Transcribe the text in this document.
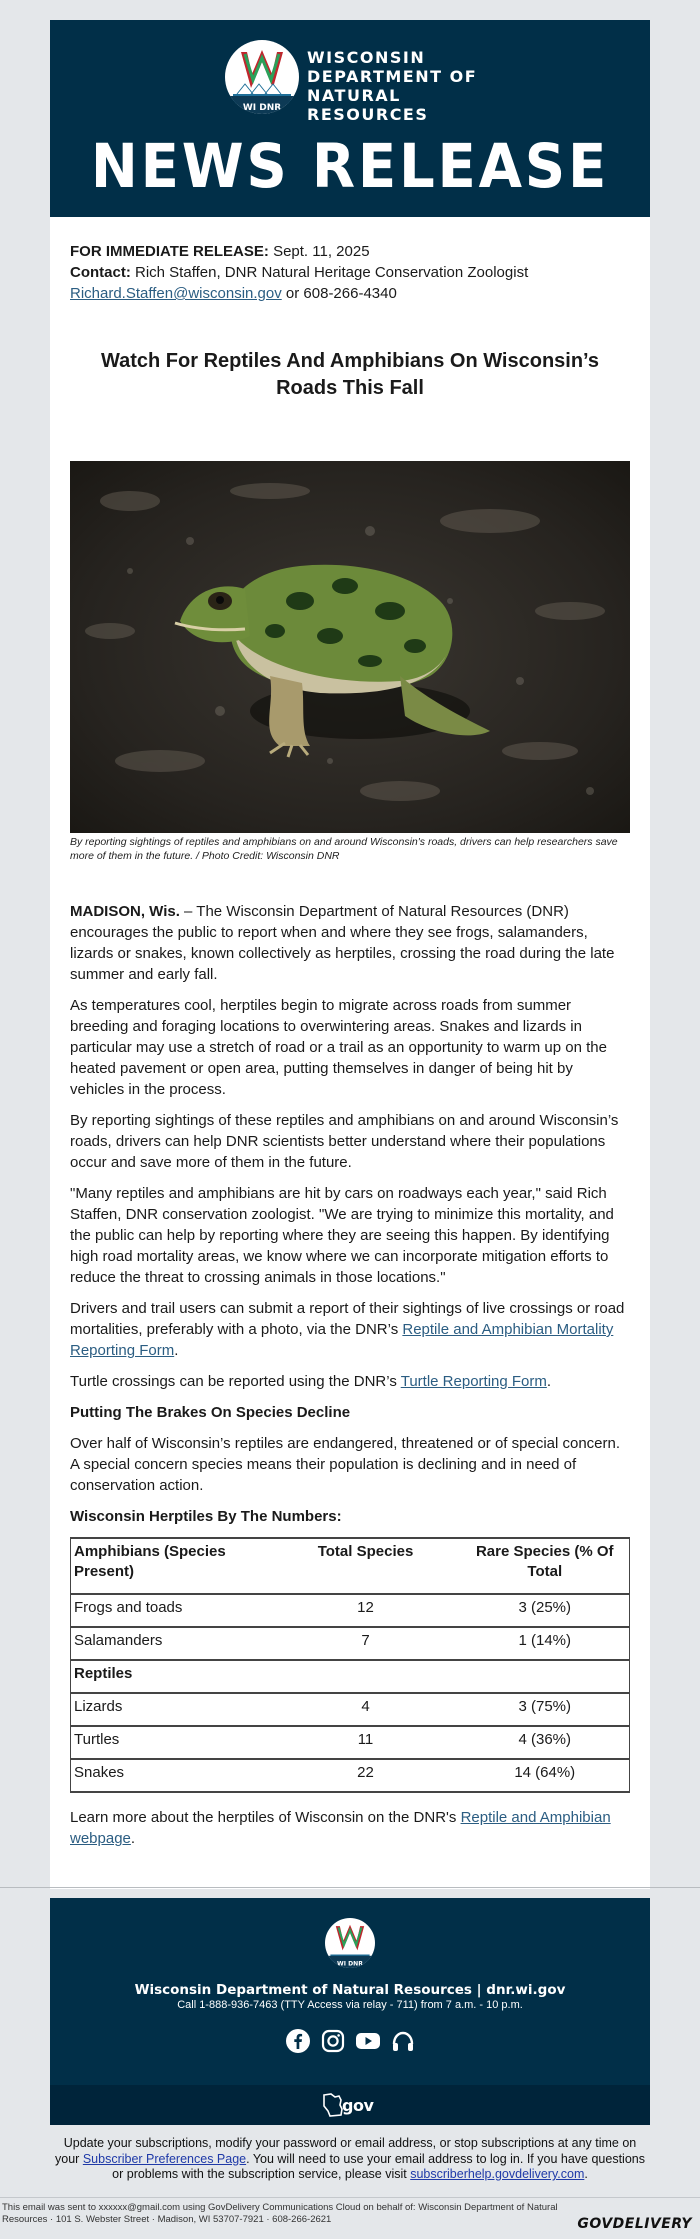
WI DNR
WISCONSIN
DEPARTMENT OF
NATURAL RESOURCES
NEWS RELEASE

FOR IMMEDIATE RELEASE: Sept. 11, 2025

Contact: Rich Staffen, DNR Natural Heritage Conservation Zoologist

Richard.Staffen@wisconsin.gov or 608-266-4340

Watch For Reptiles And Amphibians On Wisconsin’s Roads This Fall
By reporting sightings of reptiles and amphibians on and around Wisconsin's roads, drivers can help researchers save more of them in the future. / Photo Credit: Wisconsin DNR

MADISON, Wis. – The Wisconsin Department of Natural Resources (DNR) encourages the public to report when and where they see frogs, salamanders, lizards or snakes, known collectively as herptiles, crossing the road during the late summer and early fall.

As temperatures cool, herptiles begin to migrate across roads from summer breeding and foraging locations to overwintering areas. Snakes and lizards in particular may use a stretch of road or a trail as an opportunity to warm up on the heated pavement or open area, putting themselves in danger of being hit by vehicles in the process.

By reporting sightings of these reptiles and amphibians on and around Wisconsin’s roads, drivers can help DNR scientists better understand where their populations occur and save more of them in the future.

"Many reptiles and amphibians are hit by cars on roadways each year," said Rich Staffen, DNR conservation zoologist. "We are trying to minimize this mortality, and the public can help by reporting where they are seeing this happen. By identifying high road mortality areas, we know where we can incorporate mitigation efforts to reduce the threat to crossing animals in those locations."

Drivers and trail users can submit a report of their sightings of live crossings or road mortalities, preferably with a photo, via the DNR’s Reptile and Amphibian Mortality Reporting Form.

Turtle crossings can be reported using the DNR’s Turtle Reporting Form.

Putting The Brakes On Species Decline

Over half of Wisconsin’s reptiles are endangered, threatened or of special concern. A special concern species means their population is declining and in need of conservation action.

Wisconsin Herptiles By The Numbers:
Amphibians (Species Present)	Total Species	Rare Species (% Of Total
Frogs and toads	12	3 (25%)
Salamanders	7	1 (14%)
Reptiles		
Lizards	4	3 (75%)
Turtles	11	4 (36%)
Snakes	22	14 (64%)

Learn more about the herptiles of Wisconsin on the DNR's Reptile and Amphibian webpage.

WI DNR
Wisconsin Department of Natural Resources | dnr.wi.gov
Call 1-888-936-7463 (TTY Access via relay - 711) from 7 a.m. - 10 p.m.
gov
Update your subscriptions, modify your password or email address, or stop subscriptions at any time on your Subscriber Preferences Page. You will need to use your email address to log in. If you have questions or problems with the subscription service, please visit subscriberhelp.govdelivery.com.
This email was sent to xxxxxx@gmail.com using GovDelivery Communications Cloud on behalf of: Wisconsin Department of Natural Resources · 101 S. Webster Street · Madison, WI 53707-7921 · 608-266-2621	GOVDELIVERY
